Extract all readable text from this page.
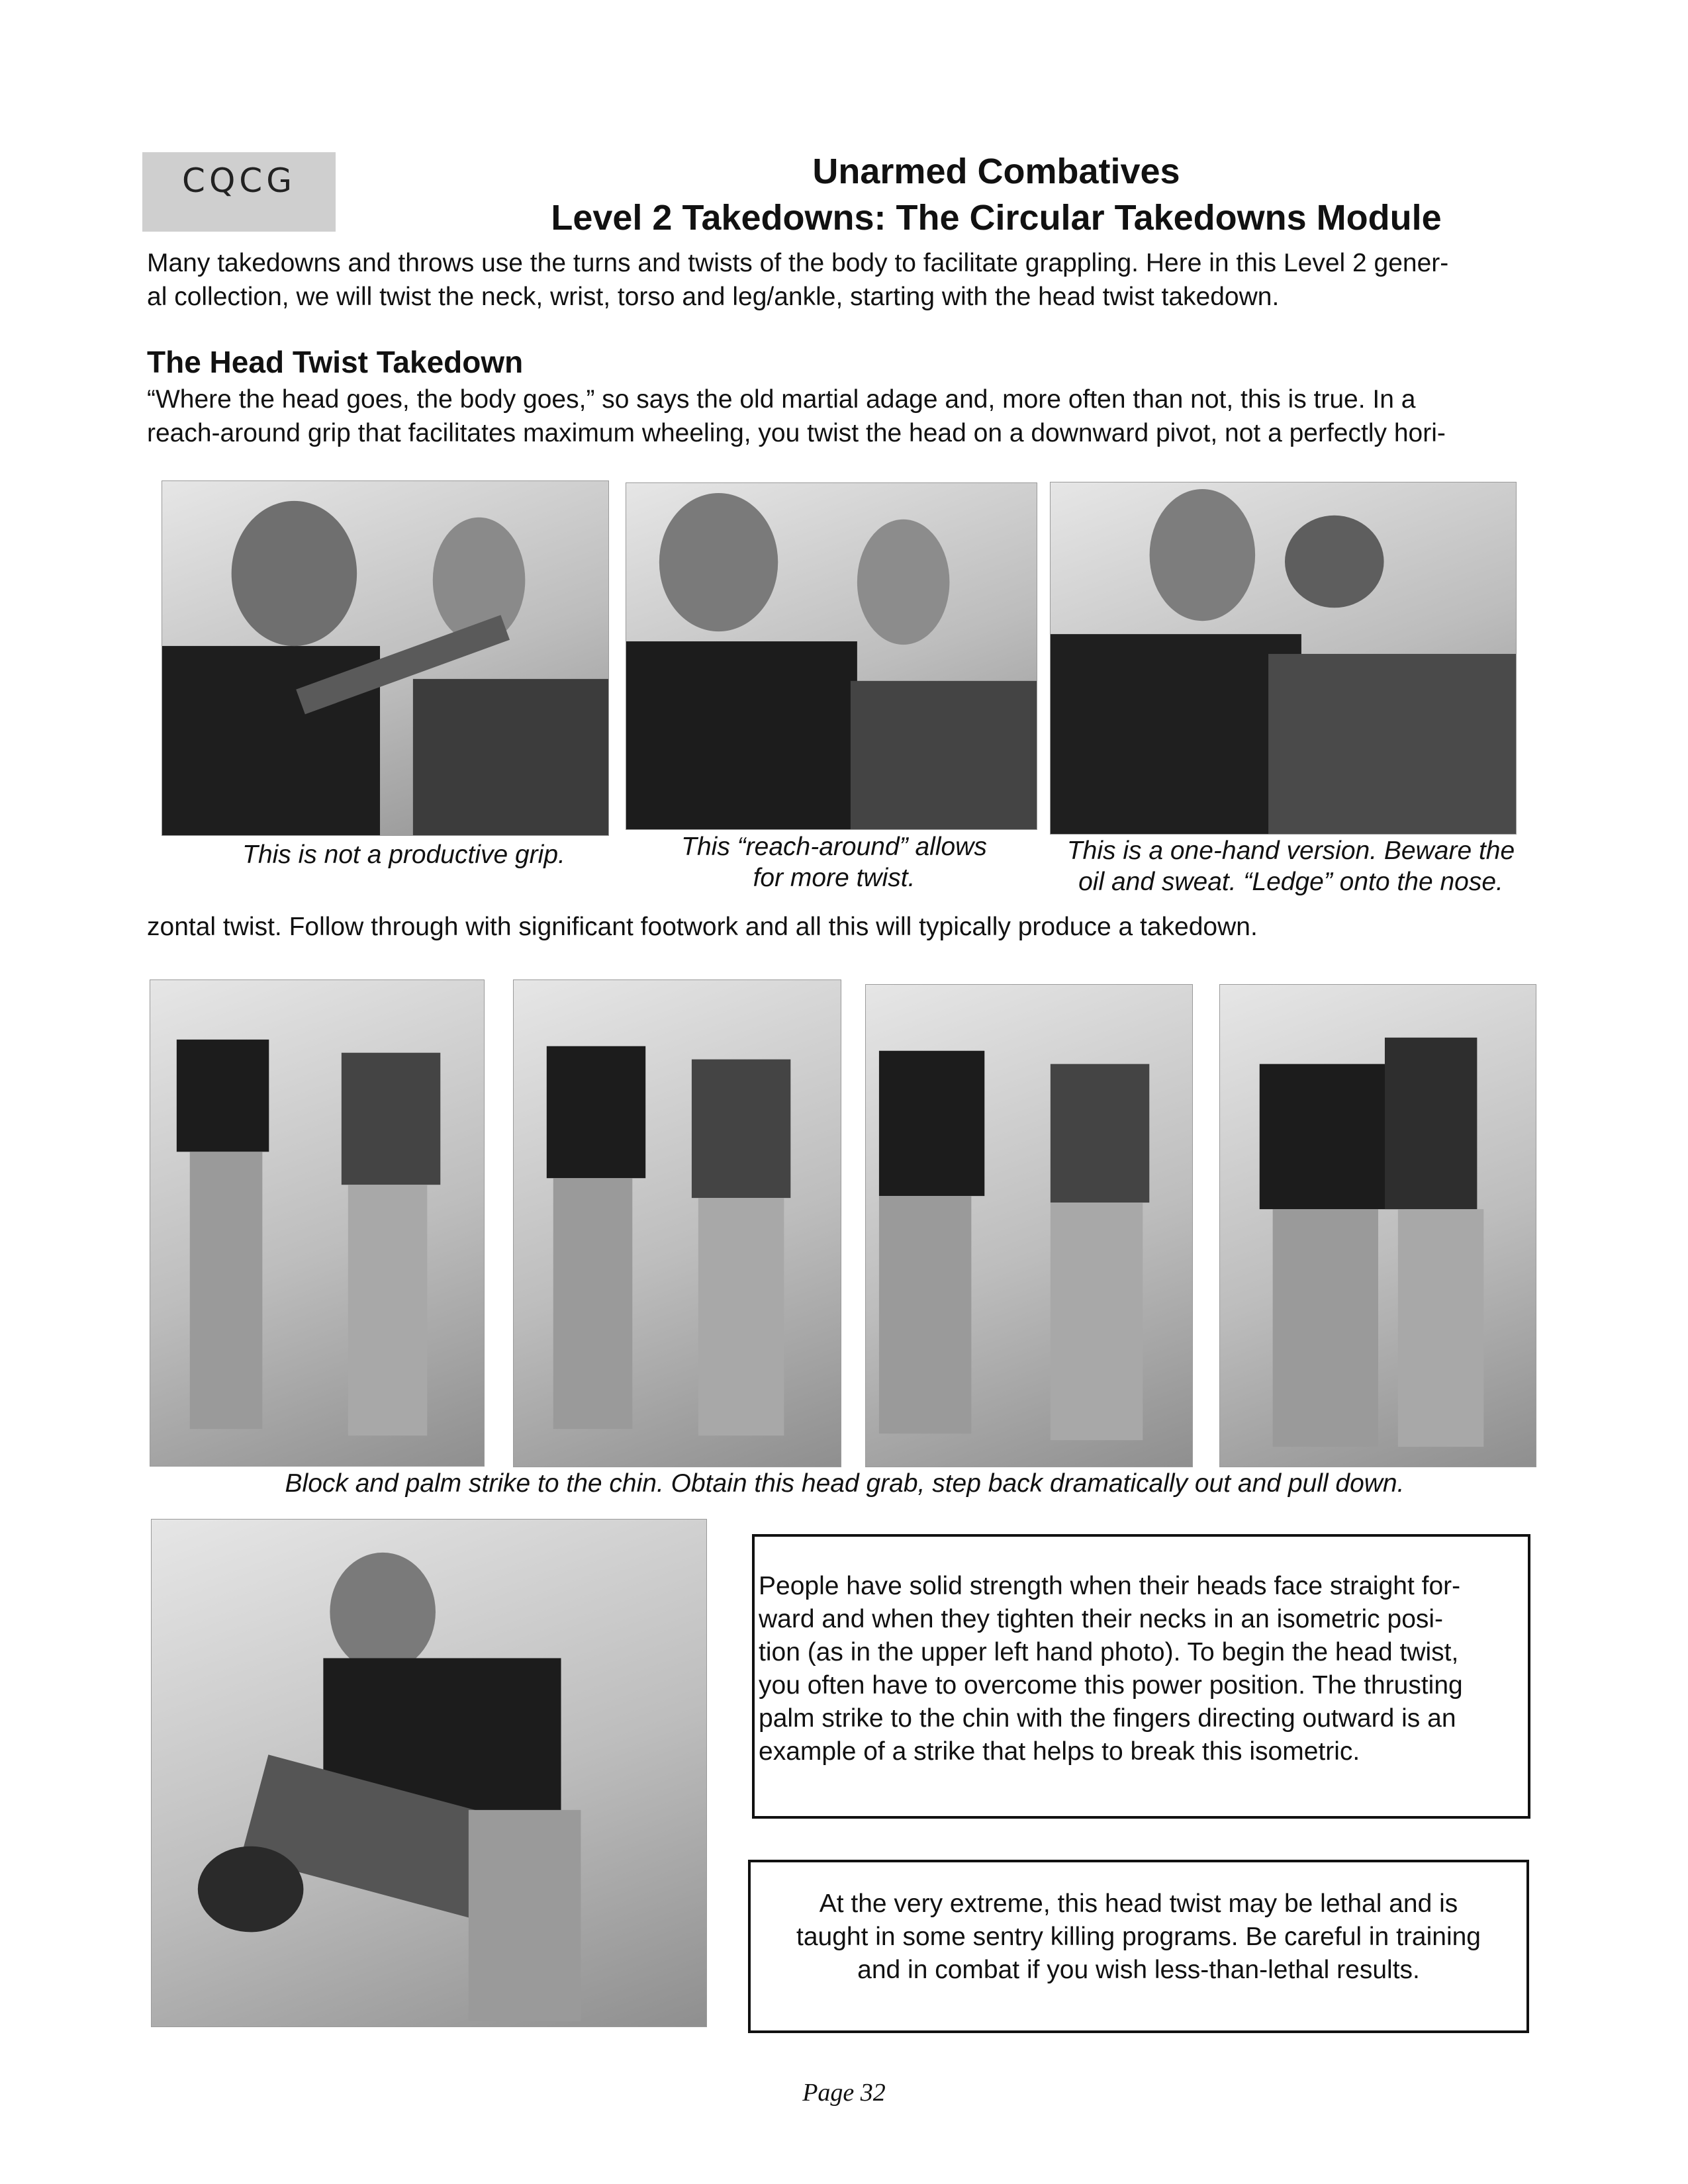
CQCG	Unarmed Combatives
Level 2 Takedowns: The Circular Takedowns Module
Many takedowns and throws use the turns and twists of the body to facilitate grappling. Here in this Level 2 gener-
al collection, we will twist the neck, wrist, torso and leg/ankle, starting with the head twist takedown.
The Head Twist Takedown
“Where the head goes, the body goes,” so says the old martial adage and, more often than not, this is true. In a
reach-around grip that facilitates maximum wheeling, you twist the head on a downward pivot, not a perfectly hori-
This is not a productive grip.	This “reach-around” allows
for more twist.
This is a one-hand version. Beware the
oil and sweat. “Ledge” onto the nose.
zontal twist. Follow through with significant footwork and all this will typically produce a takedown.
Block and palm strike to the chin. Obtain this head grab, step back dramatically out and pull down.
People have solid strength when their heads face straight for-
ward and when they tighten their necks in an isometric posi-
tion (as in the upper left hand photo). To begin the head twist,
you often have to overcome this power position. The thrusting
palm strike to the chin with the fingers directing outward is an
example of a strike that helps to break this isometric.
At the very extreme, this head twist may be lethal and is
taught in some sentry killing programs. Be careful in training
and in combat if you wish less-than-lethal results.
Page 32
